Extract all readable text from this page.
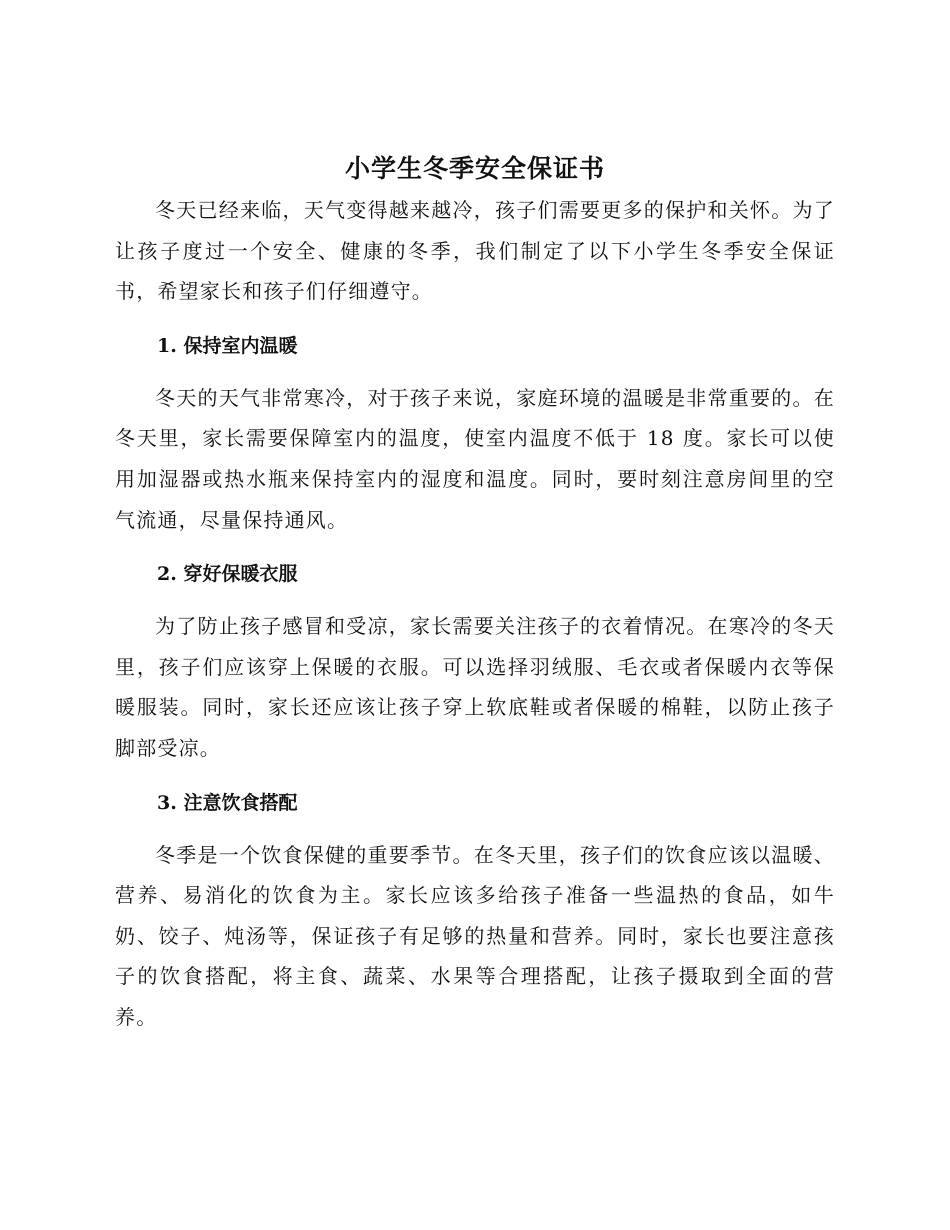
小学生冬季安全保证书

冬天已经来临，天气变得越来越冷，孩子们需要更多的保护和关怀。为了让孩子度过一个安全、健康的冬季，我们制定了以下小学生冬季安全保证书，希望家长和孩子们仔细遵守。

1. 保持室内温暖

冬天的天气非常寒冷，对于孩子来说，家庭环境的温暖是非常重要的。在冬天里，家长需要保障室内的温度，使室内温度不低于 18 度。家长可以使用加湿器或热水瓶来保持室内的湿度和温度。同时，要时刻注意房间里的空气流通，尽量保持通风。

2. 穿好保暖衣服

为了防止孩子感冒和受凉，家长需要关注孩子的衣着情况。在寒冷的冬天里，孩子们应该穿上保暖的衣服。可以选择羽绒服、毛衣或者保暖内衣等保暖服装。同时，家长还应该让孩子穿上软底鞋或者保暖的棉鞋，以防止孩子脚部受凉。

3. 注意饮食搭配

冬季是一个饮食保健的重要季节。在冬天里，孩子们的饮食应该以温暖、营养、易消化的饮食为主。家长应该多给孩子准备一些温热的食品，如牛奶、饺子、炖汤等，保证孩子有足够的热量和营养。同时，家长也要注意孩子的饮食搭配，将主食、蔬菜、水果等合理搭配，让孩子摄取到全面的营养。
